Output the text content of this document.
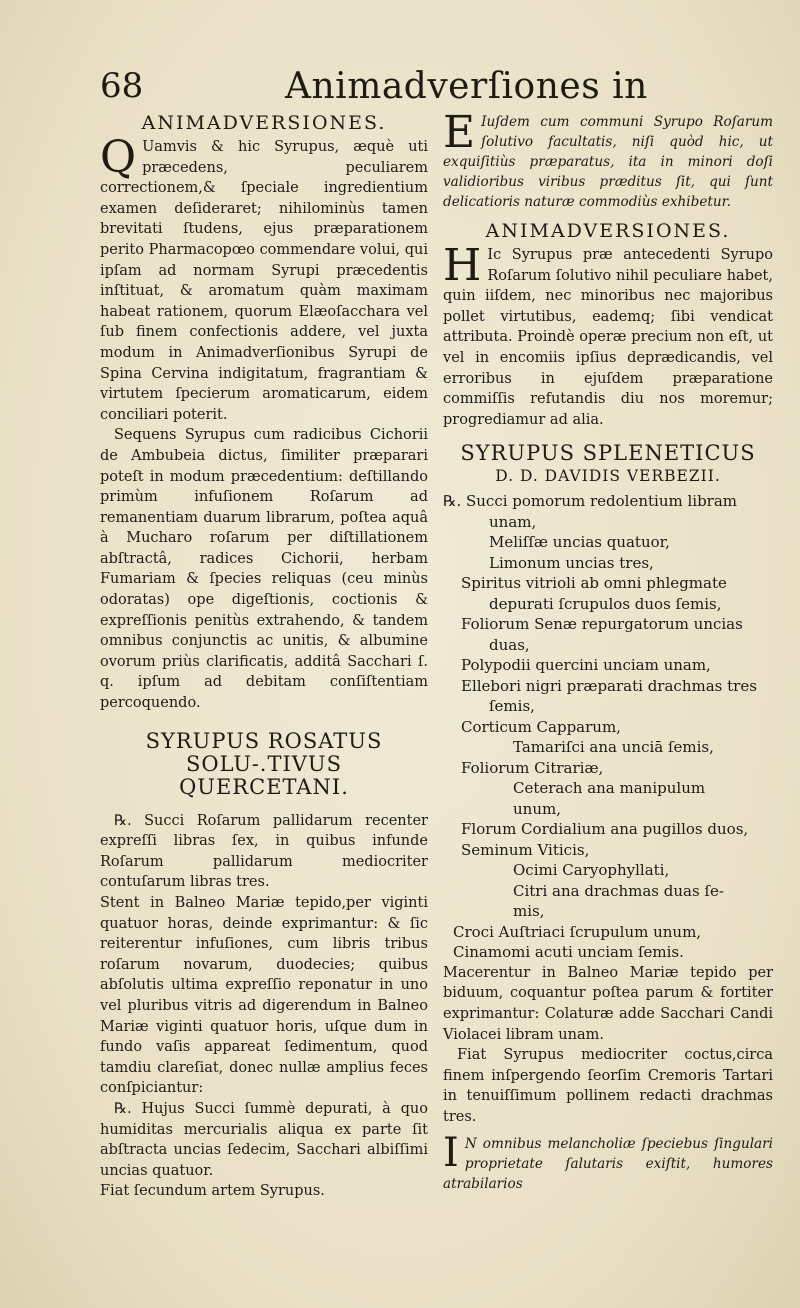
68	Animadverſiones in
ANIMADVERSIONES.

Q Uamvis & hic Syrupus, æquè uti præcedens, peculiarem correctionem,& ſpeciale ingredientium examen deſideraret; nihilominùs tamen brevitati ſtudens, ejus præparationem perito Pharmacopœo commendare volui, qui ipſam ad normam Syrupi præcedentis inſtituat, & aromatum quàm maximam habeat rationem, quorum Elæoſacchara vel ſub finem confectionis addere, vel juxta modum in Animadverſionibus Syrupi de Spina Cervina indigitatum, fragrantiam & virtutem ſpecierum aromaticarum, eidem conciliari poterit.

Sequens Syrupus cum radicibus Cichorii de Ambubeia dictus, ſimiliter præparari poteſt in modum præcedentium: deſtillando primùm infuſionem Roſarum ad remanentiam duarum librarum, poſtea aquâ à Mucharo roſarum per diſtillationem abſtractâ, radices Cichorii, herbam Fumariam & ſpecies reliquas (ceu minùs odoratas) ope digeſtionis, coctionis & expreſſionis penitùs extrahendo, & tandem omnibus conjunctis ac unitis, & albumine ovorum priùs clarificatis, additâ Sacchari ſ. q. ipſum ad debitam conſiſtentiam percoquendo.

SYRUPUS ROSATUS SOLU-.TIVUS QUERCETANI.

℞. Succi Roſarum pallidarum recenter expreſſi libras ſex, in quibus infunde Roſarum pallidarum mediocriter contuſarum libras tres.

Stent in Balneo Mariæ tepido,per viginti quatuor horas, deinde exprimantur: & ſic reiterentur infuſiones, cum libris tribus roſarum novarum, duodecies; quibus abſolutis ultima expreſſio reponatur in uno vel pluribus vitris ad digerendum in Balneo Mariæ viginti quatuor horis, uſque dum in fundo vaſis appareat ſedimentum, quod tamdiu clareſiat, donec nullæ amplius feces conſpiciantur:

℞. Hujus Succi ſummè depurati, à quo humiditas mercurialis aliqua ex parte ſit abſtracta uncias ſedecim, Sacchari albiſſimi uncias quatuor.

Fiat ſecundum artem Syrupus.

E Iuſdem cum communi Syrupo Roſarum ſolutivo facultatis, niſi quòd hic, ut exquiſitiùs præparatus, ita in minori doſi validioribus viribus præditus ſit, qui ſunt delicatioris naturæ commodiùs exhibetur.

ANIMADVERSIONES.

H Ic Syrupus præ antecedenti Syrupo Roſarum ſolutivo nihil peculiare habet, quin iiſdem, nec minoribus nec majoribus pollet virtutibus, eademq; ſibi vendicat attributa. Proindè operæ precium non eſt, ut vel in encomiis ipſius deprædicandis, vel erroribus in ejuſdem præparatione commiſſis refutandis diu nos moremur; progrediamur ad alia.

SYRUPUS SPLENETICUS
D. D. DAVIDIS VERBEZII.
℞. Succi pomorum redolentium libram
unam,
Meliſſæ uncias quatuor,
Limonum uncias tres,
Spiritus vitrioli ab omni phlegmate
depurati ſcrupulos duos ſemis,
Foliorum Senæ repurgatorum uncias
duas,
Polypodii quercini unciam unam,
Ellebori nigri præparati drachmas tres
ſemis,
Corticum Capparum,
Tamariſci ana unciā ſemis,
Foliorum Citrariæ,
Ceterach ana manipulum
unum,
Florum Cordialium ana pugillos duos,
Seminum Viticis,
Ocimi Caryophyllati,
Citri ana drachmas duas ſe-
mis,
Croci Auſtriaci ſcrupulum unum,
Cinamomi acuti unciam ſemis.

Macerentur in Balneo Mariæ tepido per biduum, coquantur poſtea parum & fortiter exprimantur: Colaturæ adde Sacchari Candi Violacei libram unam.

Fiat Syrupus mediocriter coctus,circa finem inſpergendo ſeorſim Cremoris Tartari in tenuiſſimum pollinem redacti drachmas tres.

I N omnibus melancholiæ ſpeciebus ſingulari proprietate ſalutaris exiſtit, humores atrabilarios
